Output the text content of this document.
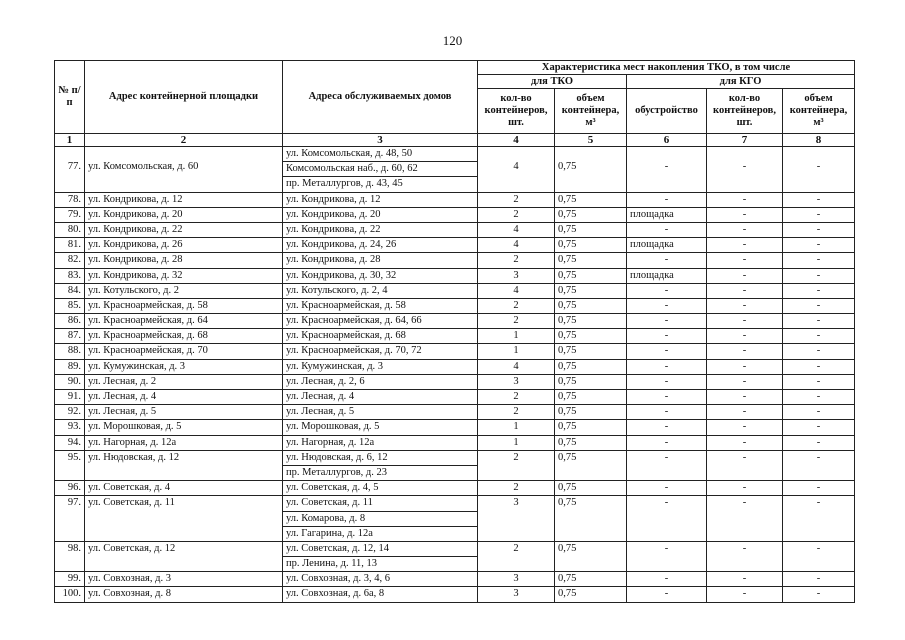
120
№ п/п	Адрес контейнерной площадки	Адреса обслуживаемых домов	Характеристика мест накопления ТКО, в том числе				
			для ТКО		для КГО		
			кол-во контейнеров, шт.	объем контейнера, м³	обустройство	кол-во контейнеров, шт.	объем контейнера, м³
1	2	3	4	5	6	7	8
77.	ул. Комсомольская, д. 60	ул. Комсомольская, д. 48, 50
Комсомольская наб., д. 60, 62
пр. Металлургов, д. 43, 45	4	0,75	-	-	-
78.	ул. Кондрикова, д. 12	ул. Кондрикова, д. 12	2	0,75	-	-	-
79.	ул. Кондрикова, д. 20	ул. Кондрикова, д. 20	2	0,75	площадка	-	-
80.	ул. Кондрикова, д. 22	ул. Кондрикова, д. 22	4	0,75	-	-	-
81.	ул. Кондрикова, д. 26	ул. Кондрикова, д. 24, 26	4	0,75	площадка	-	-
82.	ул. Кондрикова, д. 28	ул. Кондрикова, д. 28	2	0,75	-	-	-
83.	ул. Кондрикова, д. 32	ул. Кондрикова, д. 30, 32	3	0,75	площадка	-	-
84.	ул. Котульского, д. 2	ул. Котульского, д. 2, 4	4	0,75	-	-	-
85.	ул. Красноармейская, д. 58	ул. Красноармейская, д. 58	2	0,75	-	-	-
86.	ул. Красноармейская, д. 64	ул. Красноармейская, д. 64, 66	2	0,75	-	-	-
87.	ул. Красноармейская, д. 68	ул. Красноармейская, д. 68	1	0,75	-	-	-
88.	ул. Красноармейская, д. 70	ул. Красноармейская, д. 70, 72	1	0,75	-	-	-
89.	ул. Кумужинская, д. 3	ул. Кумужинская, д. 3	4	0,75	-	-	-
90.	ул. Лесная, д. 2	ул. Лесная, д. 2, 6	3	0,75	-	-	-
91.	ул. Лесная, д. 4	ул. Лесная, д. 4	2	0,75	-	-	-
92.	ул. Лесная, д. 5	ул. Лесная, д. 5	2	0,75	-	-	-
93.	ул. Морошковая, д. 5	ул. Морошковая, д. 5	1	0,75	-	-	-
94.	ул. Нагорная, д. 12а	ул. Нагорная, д. 12а	1	0,75	-	-	-
95.	ул. Нюдовская, д. 12	ул. Нюдовская, д. 6, 12
пр. Металлургов, д. 23	2	0,75	-	-	-
96.	ул. Советская, д. 4	ул. Советская, д. 4, 5	2	0,75	-	-	-
97.	ул. Советская, д. 11	ул. Советская, д. 11
ул. Комарова, д. 8
ул. Гагарина, д. 12а	3	0,75	-	-	-
98.	ул. Советская, д. 12	ул. Советская, д. 12, 14
пр. Ленина, д. 11, 13	2	0,75	-	-	-
99.	ул. Совхозная, д. 3	ул. Совхозная, д. 3, 4, 6	3	0,75	-	-	-
100.	ул. Совхозная, д. 8	ул. Совхозная, д. 6а, 8	3	0,75	-	-	-
